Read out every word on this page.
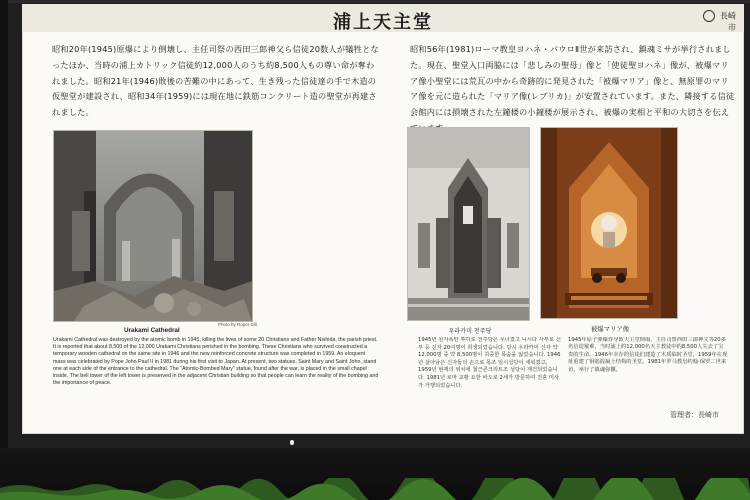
浦上天主堂	長崎市
昭和20年(1945)原爆により倒壊し、主任司祭の西田三郎神父ら信徒20数人が犠牲となったほか、当時の浦上カトリック信徒約12,000人のうち約8,500人もの尊い命が奪われました。昭和21年(1946)敗後の苦難の中にあって、生き残った信徒達の手で木造の仮聖堂が建設され、昭和34年(1959)には現在地に鉄筋コンクリート造の聖堂が再建されました。
昭和56年(1981)ローマ教皇ヨハネ・パウロⅡ世が来訪され、鎮魂ミサが挙行されました。現在、聖堂入口両脇には「悲しみの聖母」像と「使徒聖ヨハネ」像が、被爆マリア像小聖堂には荒瓦の中から奇跡的に発見された「被爆マリア」像と、無原罪のマリア像を元に造られた「マリア像(レプリカ)」が安置されています。また、隣接する信徒会館内には損壊された左鐘楼の小鐘楼が展示され、被爆の実相と平和の大切さを伝え
Photo by Roper Gill
Urakami Cathedral
Urakami Cathedral was destroyed by the atomic bomb in 1945, killing the lives of some 20 Christians and Father Nishida, the parish priest. It is reported that about 8,500 of the 12,000 Urakami Christians perished in the bombing. These Christians who survived constructed a temporary wooden cathedral on the same site in 1946 and the new reinforced concrete structure was completed in 1959. An eloquent mass was celebrated by Pope John Paul II in 1981 during his first visit to Japan. At present, two statues, Saint Mary and Saint John, stand one at each side of the entrance to the cathedral. The "Atomic-Bombed Mary" statue, found after the war, is placed in the small chapel inside. The bell tower of the left tower is preserved in the adjacent Christian building so that people can learn the reality of the bombing and the importance of peace.
우라카미 천주당	被爆マリア像
1945년 원자폭탄 투하로 천주당은 무너졌고 니시다 사부로 신부 등 신자 20여명이 희생되었습니다. 당시 우라카미 신자 약 12,000명 중 약 8,500명이 귀중한 목숨을 잃었습니다. 1946년 살아남은 신자들의 손으로 목조 임시성당이 세워졌고, 1959년 현재의 위치에 철근콘크리트조 성당이 재건되었습니다. 1981년 로마 교황 요한 바오로 2세가 방문하여 진혼 미사가 거행되었습니다.
1945年原子弹爆炸导致天主堂倒塌，主任司祭西田三郎神父等20多名信徒罹难，当时浦上约12,000名天主教徒中约8,500人失去了宝贵的生命。1946年幸存的信徒们建造了木质临时圣堂，1959年在现址重建了钢筋混凝土结构的圣堂。1981年罗马教皇约翰·保罗二世来访，举行了镇魂弥撒。
管理者：長崎市
